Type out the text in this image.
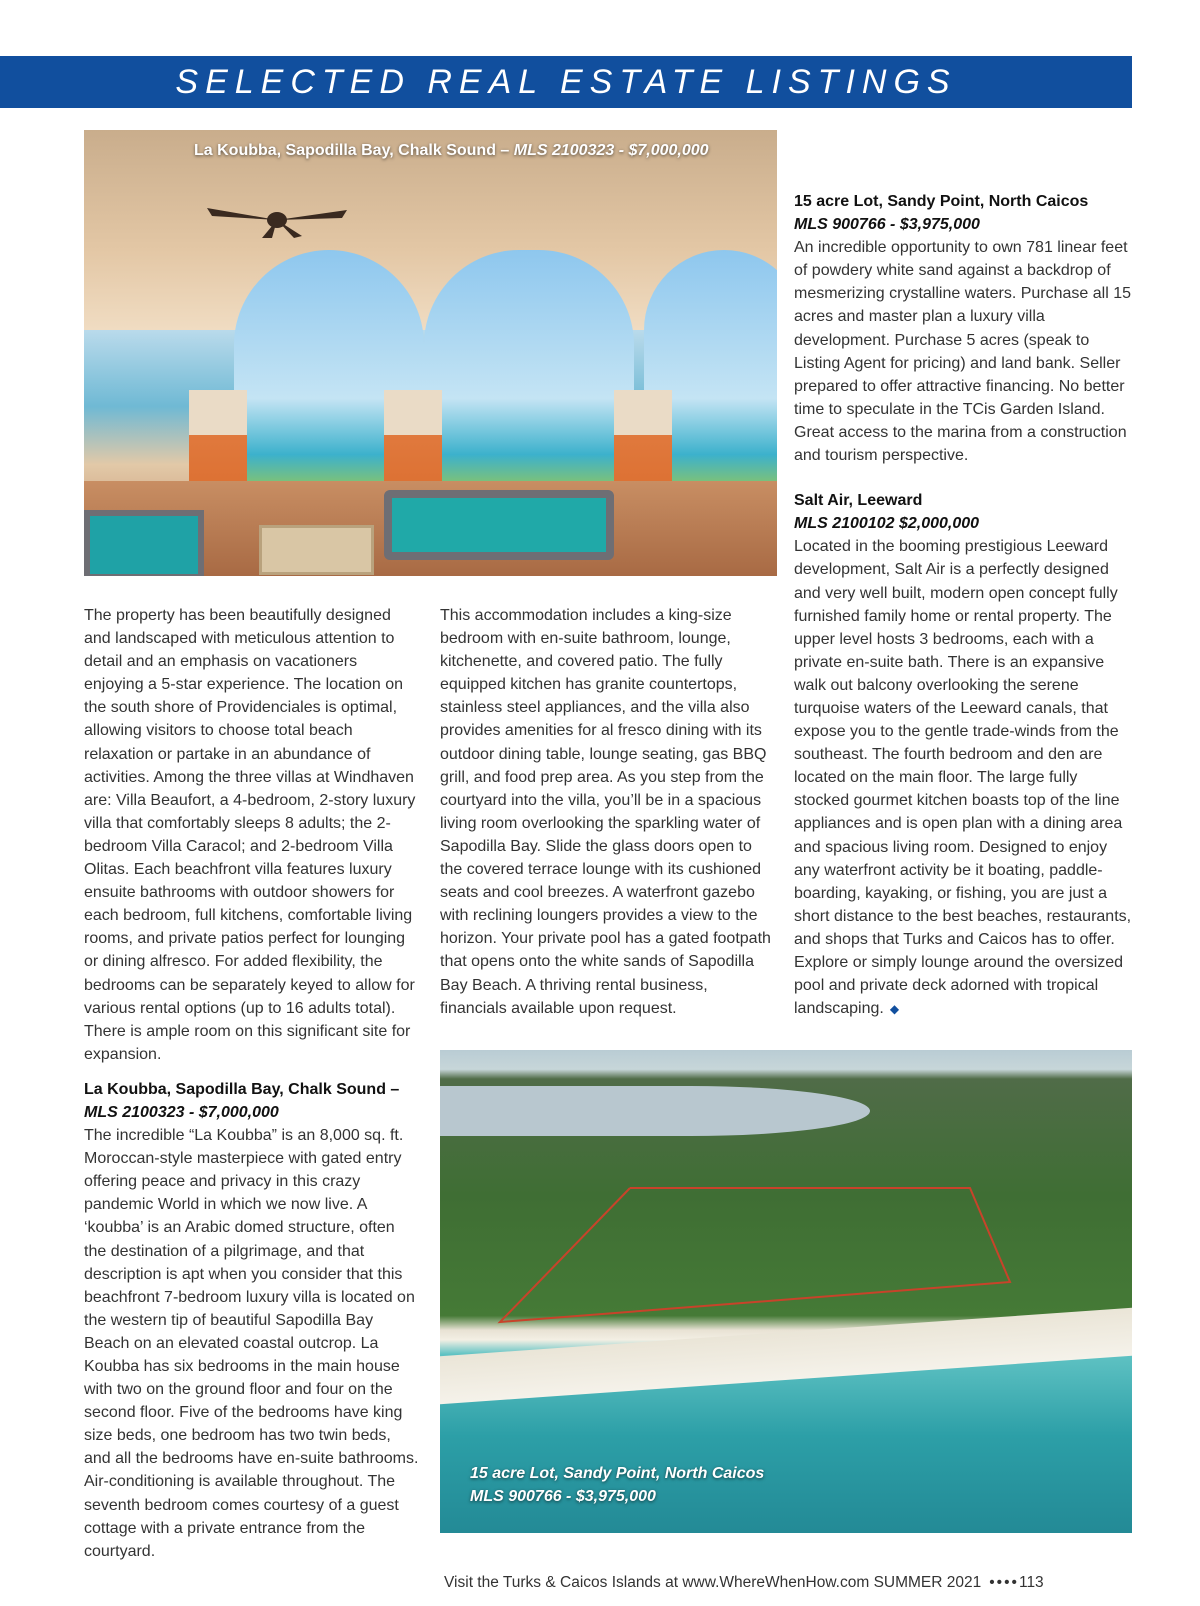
SELECTED REAL ESTATE LISTINGS
La Koubba, Sapodilla Bay, Chalk Sound – MLS 2100323 - $7,000,000

The property has been beautifully designed and landscaped with meticulous attention to detail and an emphasis on vacationers enjoying a 5-star experience. The location on the south shore of Providenciales is optimal, allowing visitors to choose total beach relaxation or partake in an abundance of activities. Among the three villas at Windhaven are: Villa Beaufort, a 4-bedroom, 2-story luxury villa that comfortably sleeps 8 adults; the 2-bedroom Villa Caracol; and 2-bedroom Villa Olitas. Each beachfront villa features luxury ensuite bathrooms with outdoor showers for each bedroom, full kitchens, comfortable living rooms, and private patios perfect for lounging or dining alfresco. For added flexibility, the bedrooms can be separately keyed to allow for various rental options (up to 16 adults total). There is ample room on this significant site for expansion.

La Koubba, Sapodilla Bay, Chalk Sound –

MLS 2100323 - $7,000,000

The incredible “La Koubba” is an 8,000 sq. ft. Moroccan-style masterpiece with gated entry offering peace and privacy in this crazy pandemic World in which we now live. A ‘koubba’ is an Arabic domed structure, often the destination of a pilgrimage, and that description is apt when you consider that this beachfront 7-bedroom luxury villa is located on the western tip of beautiful Sapodilla Bay Beach on an elevated coastal outcrop. La Koubba has six bedrooms in the main house with two on the ground floor and four on the second floor. Five of the bedrooms have king size beds, one bedroom has two twin beds, and all the bedrooms have en-suite bathrooms. Air-conditioning is available throughout. The seventh bedroom comes courtesy of a guest cottage with a private entrance from the courtyard.

This accommodation includes a king-size bedroom with en-suite bathroom, lounge, kitchenette, and covered patio. The fully equipped kitchen has granite countertops, stainless steel appliances, and the villa also provides amenities for al fresco dining with its outdoor dining table, lounge seating, gas BBQ grill, and food prep area. As you step from the courtyard into the villa, you’ll be in a spacious living room overlooking the sparkling water of Sapodilla Bay. Slide the glass doors open to the covered terrace lounge with its cushioned seats and cool breezes. A waterfront gazebo with reclining loungers provides a view to the horizon. Your private pool has a gated footpath that opens onto the white sands of Sapodilla Bay Beach. A thriving rental business, financials available upon request.

15 acre Lot, Sandy Point, North Caicos

MLS 900766 - $3,975,000

An incredible opportunity to own 781 linear feet of powdery white sand against a backdrop of mesmerizing crystalline waters. Purchase all 15 acres and master plan a luxury villa development. Purchase 5 acres (speak to Listing Agent for pricing) and land bank. Seller prepared to offer attractive financing. No better time to speculate in the TCis Garden Island. Great access to the marina from a construction and tourism perspective.

Salt Air, Leeward

MLS 2100102 $2,000,000

Located in the booming prestigious Leeward development, Salt Air is a perfectly designed and very well built, modern open concept fully furnished family home or rental property. The upper level hosts 3 bedrooms, each with a private en-suite bath. There is an expansive walk out balcony overlooking the serene turquoise waters of the Leeward canals, that expose you to the gentle trade-winds from the southeast. The fourth bedroom and den are located on the main floor. The large fully stocked gourmet kitchen boasts top of the line appliances and is open plan with a dining area and spacious living room. Designed to enjoy any waterfront activity be it boating, paddle-boarding, kayaking, or fishing, you are just a short distance to the best beaches, restaurants, and shops that Turks and Caicos has to offer. Explore or simply lounge around the oversized pool and private deck adorned with tropical landscaping. ◆

15 acre Lot, Sandy Point, North Caicos
MLS 900766 - $3,975,000
Visit the Turks & Caicos Islands at www.WhereWhenHow.com SUMMER 2021 ••••113
